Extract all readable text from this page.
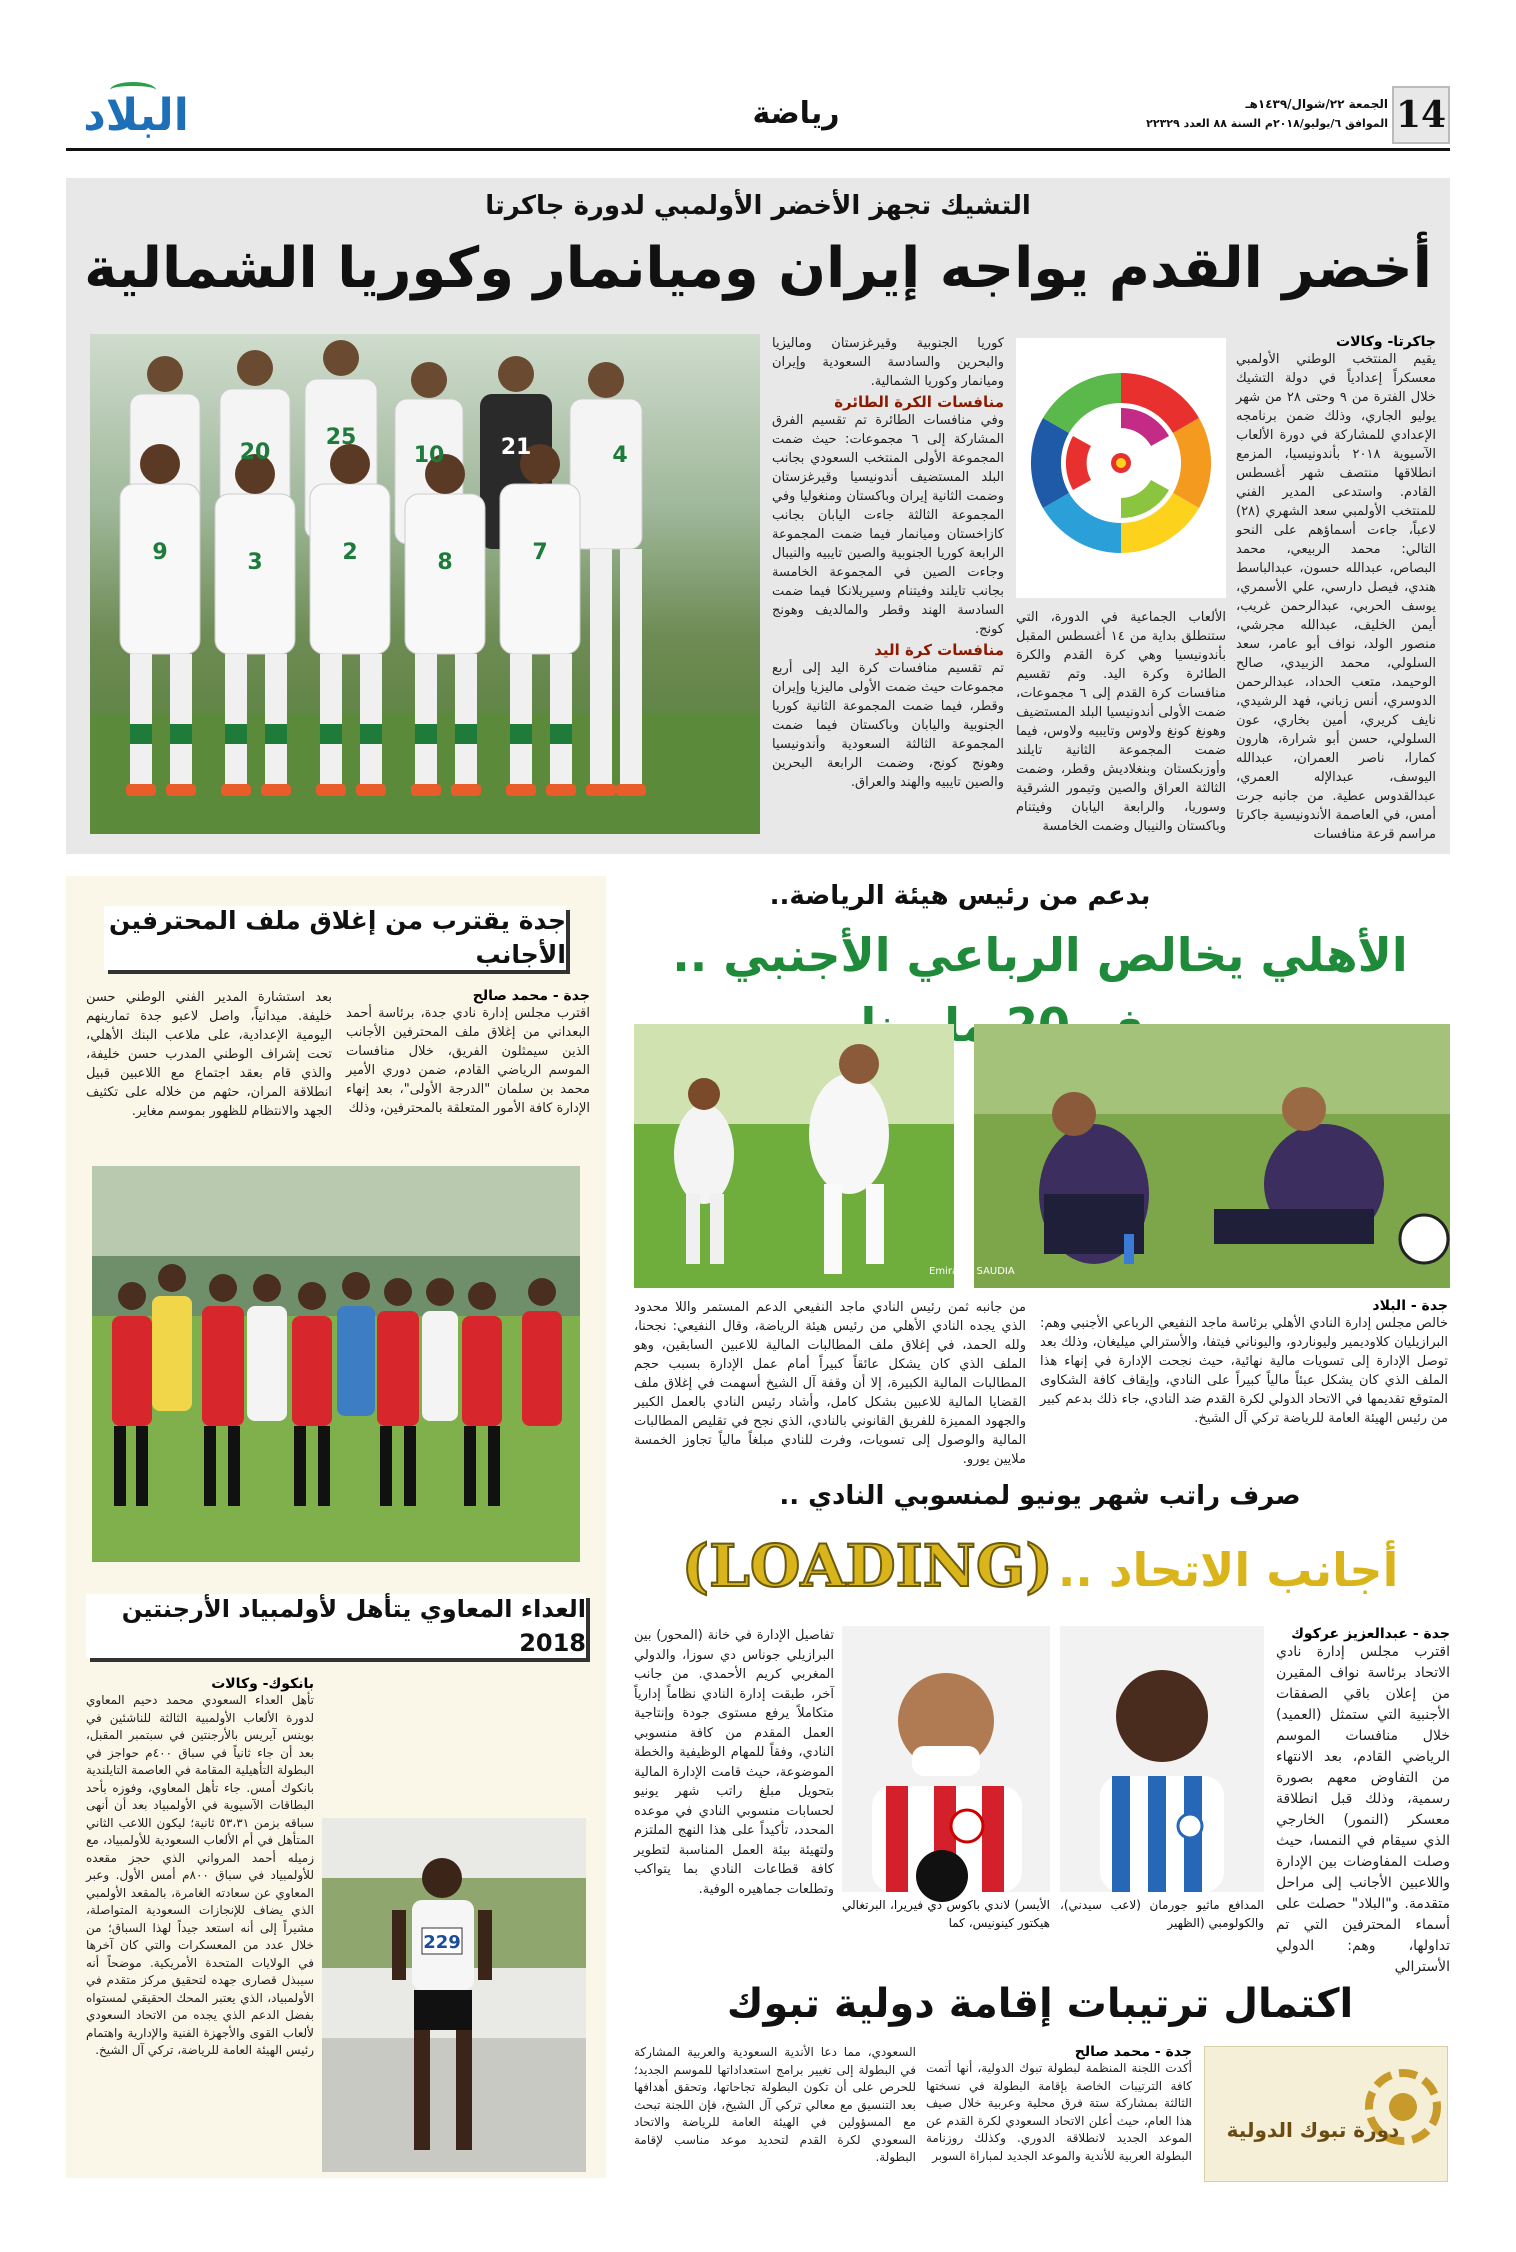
البلاد	رياضة	الجمعة ٢٢/شوال/١٤٣٩هـ
الموافق ٦/يوليو/٢٠١٨م السنة ٨٨ العدد ٢٢٣٢٩ 14
التشيك تجهز الأخضر الأولمبي لدورة جاكرتا
أخضر القدم يواجه إيران وميانمار وكوريا الشمالية
جاكرتا- وكالات
يقيم المنتخب الوطني الأولمبي معسكراً إعدادياً في دولة التشيك خلال الفترة من ٩ وحتى ٢٨ من شهر يوليو الجاري، وذلك ضمن برنامجه الإعدادي للمشاركة في دورة الألعاب الآسيوية ٢٠١٨ بأندونيسيا، المزمع انطلاقها منتصف شهر أغسطس القادم. واستدعى المدير الفني للمنتخب الأولمبي سعد الشهري (٢٨) لاعباً، جاءت أسماؤهم على النحو التالي: محمد الربيعي، محمد البصاص، عبدالله حسون، عبدالباسط هندي، فيصل دارسي، علي الأسمري، يوسف الحربي، عبدالرحمن غريب، أيمن الخليف، عبدالله مجرشي، منصور الولد، نواف أبو عامر، سعد السلولي، محمد الزبيدي، صالح الوحيمد، متعب الحداد، عبدالرحمن الدوسري، أنس زباني، فهد الرشيدي، نايف كريري، أمين بخاري، عون السلولي، حسن أبو شرارة، هارون كمارا، ناصر العمران، عبدالله اليوسف، عبدالإله العمري، عبدالقدوس عطية. من جانبه جرت أمس، في العاصمة الأندونيسية جاكرتا مراسم قرعة منافسات
الألعاب الجماعية في الدورة، التي ستنطلق بداية من ١٤ أغسطس المقبل بأندونيسيا وهي كرة القدم والكرة الطائرة وكرة اليد. وتم تقسيم منافسات كرة القدم إلى ٦ مجموعات، ضمت الأولى أندونيسيا البلد المستضيف وهونغ كونغ ولاوس وتايبيه ولاوس، فيما ضمت المجموعة الثانية تايلند وأوزبكستان وبنغلاديش وقطر، وضمت الثالثة العراق والصين وتيمور الشرقية وسوريا، والرابعة اليابان وفيتنام وباكستان والنيبال وضمت الخامسة
كوريا الجنوبية وقيرغزستان وماليزيا والبحرين والسادسة السعودية وإيران وميانمار وكوريا الشمالية.
منافسات الكرة الطائرة
وفي منافسات الطائرة تم تقسيم الفرق المشاركة إلى ٦ مجموعات: حيث ضمت المجموعة الأولى المنتخب السعودي بجانب البلد المستضيف أندونيسيا وقيرغزستان وضمت الثانية إيران وباكستان ومنغوليا وفي المجموعة الثالثة جاءت اليابان بجانب كازاخستان وميانمار فيما ضمت المجموعة الرابعة كوريا الجنوبية والصين تايبيه والنيبال وجاءت الصين في المجموعة الخامسة بجانب تايلند وفيتنام وسيريلانكا فيما ضمت السادسة الهند وقطر والمالديف وهونج كونج.
منافسات كرة اليد
تم تقسيم منافسات كرة اليد إلى أربع مجموعات حيث ضمت الأولى ماليزيا وإيران وقطر، فيما ضمت المجموعة الثانية كوريا الجنوبية واليابان وباكستان فيما ضمت المجموعة الثالثة السعودية وأندونيسيا وهونج كونج، وضمت الرابعة البحرين والصين تايبيه والهند والعراق.
25
20	21
10	4
9	3	2	8	7
بدعم من رئيس هيئة الرياضة..
الأهلي يخالص الرباعي الأجنبي ..
Emirates SAUDIA
جدة - البلاد
خالص مجلس إدارة النادي الأهلي برئاسة ماجد النفيعي الرباعي الأجنبي وهم: البرازيليان كلاوديمير وليوناردو، واليوناني فيتفا، والأسترالي ميليغان، وذلك بعد توصل الإدارة إلى تسويات مالية نهائية، حيث نجحت الإدارة في إنهاء هذا الملف الذي كان يشكل عبئاً مالياً كبيراً على النادي، وإيقاف كافة الشكاوى المتوقع تقديمها في الاتحاد الدولي لكرة القدم ضد النادي، جاء ذلك بدعم كبير من رئيس الهيئة العامة للرياضة تركي آل الشيخ.
من جانبه ثمن رئيس النادي ماجد النفيعي الدعم المستمر واللا محدود الذي يجده النادي الأهلي من رئيس هيئة الرياضة، وقال النفيعي: نجحنا، ولله الحمد، في إغلاق ملف المطالبات المالية للاعبين السابقين، وهو الملف الذي كان يشكل عائقاً كبيراً أمام عمل الإدارة بسبب حجم المطالبات المالية الكبيرة، إلا أن وقفة آل الشيخ أسهمت في إغلاق ملف القضايا المالية للاعبين بشكل كامل، وأشاد رئيس النادي بالعمل الكبير والجهود المميزة للفريق القانوني بالنادي، الذي نجح في تقليص المطالبات المالية والوصول إلى تسويات، وفرت للنادي مبلغاً مالياً تجاوز الخمسة ملايين يورو.
جدة يقترب من إغلاق ملف المحترفين الأجانب
جدة - محمد صالح
اقترب مجلس إدارة نادي جدة، برئاسة أحمد البعداني من إغلاق ملف المحترفين الأجانب الذين سيمثلون الفريق، خلال منافسات الموسم الرياضي القادم، ضمن دوري الأمير محمد بن سلمان "الدرجة الأولى"، بعد إنهاء الإدارة كافة الأمور المتعلقة بالمحترفين، وذلك
بعد استشارة المدير الفني الوطني حسن خليفة. ميدانياً، واصل لاعبو جدة تمارينهم اليومية الإعدادية، على ملاعب البنك الأهلي، تحت إشراف الوطني المدرب حسن خليفة، والذي قام بعقد اجتماع مع اللاعبين قبيل انطلاقة المران، حثهم من خلاله على تكثيف الجهد والانتظام للظهور بموسم مغاير.
العداء المعاوي يتأهل لأولمبياد الأرجنتين 2018
بانكوك- وكالات
تأهل العداء السعودي محمد دحيم المعاوي لدورة الألعاب الأولمبية الثالثة للناشئين في بوينس آيريس بالأرجنتين في سبتمبر المقبل، بعد أن جاء ثانياً في سباق ٤٠٠م حواجز في البطولة التأهيلية المقامة في العاصمة التايلندية بانكوك أمس. جاء تأهل المعاوي، وفوزه بأحد البطاقات الآسيوية في الأولمبياد بعد أن أنهى سباقه بزمن ٥٣،٣١ ثانية؛ ليكون اللاعب الثاني المتأهل في أم الألعاب السعودية للأولمبياد، مع زميله أحمد المرواني الذي حجز مقعده للأولمبياد في سباق ٨٠٠م أمس الأول. وعبر المعاوي عن سعادته الغامرة، بالمقعد الأولمبي الذي يضاف للإنجازات السعودية المتواصلة، مشيراً إلى أنه استعد جيداً لهذا السباق؛ من خلال عدد من المعسكرات والتي كان آخرها في الولايات المتحدة الأمريكية. موضحاً أنه سيبذل قصارى جهده لتحقيق مركز متقدم في الأولمبياد، الذي يعتبر المحك الحقيقي لمستواه بفضل الدعم الذي يجده من الاتحاد السعودي لألعاب القوى والأجهزة الفنية والإدارية واهتمام رئيس الهيئة العامة للرياضة، تركي آل الشيخ.
229
صرف راتب شهر يونيو لمنسوبي النادي ..
أجانب الاتحاد .. (LOADING)
جدة - عبدالعزيز عركوك
اقترب مجلس إدارة نادي الاتحاد برئاسة نواف المقيرن من إعلان باقي الصفقات الأجنبية التي ستمثل (العميد) خلال منافسات الموسم الرياضي القادم، بعد الانتهاء من التفاوض معهم بصورة رسمية، وذلك قبل انطلاقة معسكر (النمور) الخارجي الذي سيقام في النمسا، حيث وصلت المفاوضات بين الإدارة واللاعبين الأجانب إلى مراحل متقدمة. و"البلاد" حصلت على أسماء المحترفين التي تم تداولها، وهم: الدولي الأسترالي
المدافع ماثيو جورمان (لاعب سيدني)، والكولومبي (الظهير
الأيسر) لاندي باكوس دي فيريرا، البرتغالي هيكتور كينونيس، كما
تفاصيل الإدارة في خانة (المحور) بين البرازيلي جوناس دي سوزا، والدولي المغربي كريم الأحمدي. من جانب آخر، طبقت إدارة النادي نظاماً إدارياً متكاملاً يرفع مستوى جودة وإنتاجية العمل المقدم من كافة منسوبي النادي، وفقاً للمهام الوظيفية والخطة الموضوعة، حيث قامت الإدارة المالية بتحويل مبلغ راتب شهر يونيو لحسابات منسوبي النادي في موعده المحدد، تأكيداً على هذا النهج الملتزم ولتهيئة بيئة العمل المناسبة لتطوير كافة قطاعات النادي بما يتواكب وتطلعات جماهيره الوفية.
اكتمال ترتيبات إقامة دولية تبوك
دورة تبوك الدولية
جدة - محمد صالح
أكدت اللجنة المنظمة لبطولة تبوك الدولية، أنها أتمت كافة الترتيبات الخاصة بإقامة البطولة في نسختها الثالثة بمشاركة ستة فرق محلية وعربية خلال صيف هذا العام، حيث أعلن الاتحاد السعودي لكرة القدم عن الموعد الجديد لانطلاقة الدوري. وكذلك روزنامة البطولة العربية للأندية والموعد الجديد لمباراة السوبر
السعودي، مما دعا الأندية السعودية والعربية المشاركة في البطولة إلى تغيير برامج استعداداتها للموسم الجديد؛ للحرص على أن تكون البطولة تجاحاتها، وتحقق أهدافها بعد التنسيق مع معالي تركي آل الشيخ، فإن اللجنة تبحث مع المسؤولين في الهيئة العامة للرياضة والاتحاد السعودي لكرة القدم لتحديد موعد مناسب لإقامة البطولة.
